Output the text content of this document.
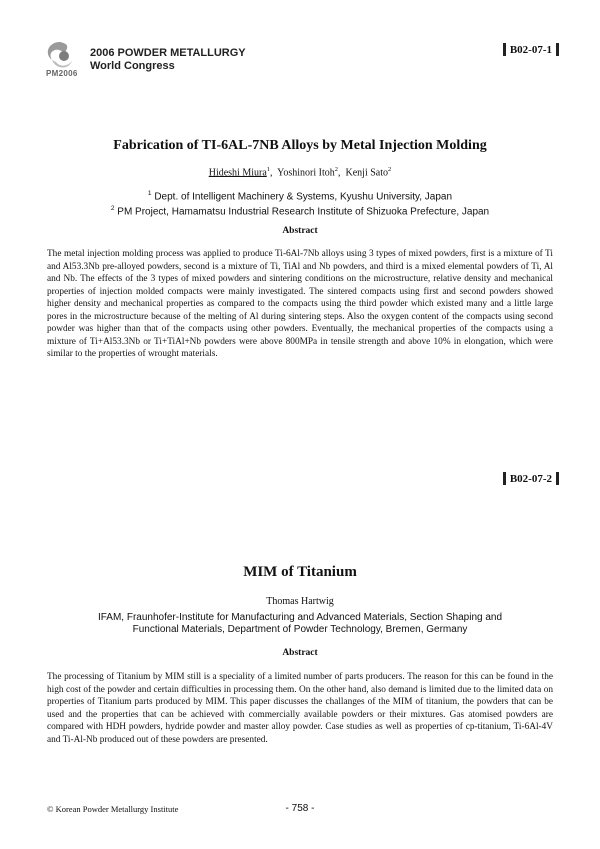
PM2006
2006 POWDER METALLURGY
World Congress
B02-07-1
Fabrication of TI-6AL-7NB Alloys by Metal Injection Molding
Hideshi Miura$^1$,  Yoshinori Itoh$^2$,  Kenji Sato$^2$
$^1$ Dept. of Intelligent Machinery & Systems, Kyushu University, Japan
$^2$ PM Project, Hamamatsu Industrial Research Institute of Shizuoka Prefecture, Japan
Abstract

The metal injection molding process was applied to produce Ti-6Al-7Nb alloys using 3 types of mixed powders, first is a mixture of Ti and Al53.3Nb pre-alloyed powders, second is a mixture of Ti, TiAl and Nb powders, and third is a mixed elemental powders of Ti, Al and Nb. The effects of the 3 types of mixed powders and sintering conditions on the microstructure, relative density and mechanical properties of injection molded compacts were mainly investigated. The sintered compacts using first and second powders showed higher density and mechanical properties as compared to the compacts using the third powder which existed many and a little large pores in the microstructure because of the melting of Al during sintering steps. Also the oxygen content of the compacts using second powder was higher than that of the compacts using other powders. Eventually, the mechanical properties of the compacts using a mixture of Ti+Al53.3Nb or Ti+TiAl+Nb powders were above 800MPa in tensile strength and above 10% in elongation, which were similar to the properties of wrought materials.

B02-07-2
MIM of Titanium
Thomas Hartwig
IFAM, Fraunhofer-Institute for Manufacturing and Advanced Materials, Section Shaping and
Functional Materials, Department of Powder Technology, Bremen, Germany
Abstract

The processing of Titanium by MIM still is a speciality of a limited number of parts producers. The reason for this can be found in the high cost of the powder and certain difficulties in processing them. On the other hand, also demand is limited due to the limited data on properties of Titanium parts produced by MIM. This paper discusses the challanges of the MIM of titanium, the powders that can be used and the properties that can be achieved with commercially available powders or their mixtures. Gas atomised powders are compared with HDH powders, hydride powder and master alloy powder. Case studies as well as properties of cp-titanium, Ti-6Al-4V and Ti-Al-Nb produced out of these powders are presented.

© Korean Powder Metallurgy Institute	- 758 -
